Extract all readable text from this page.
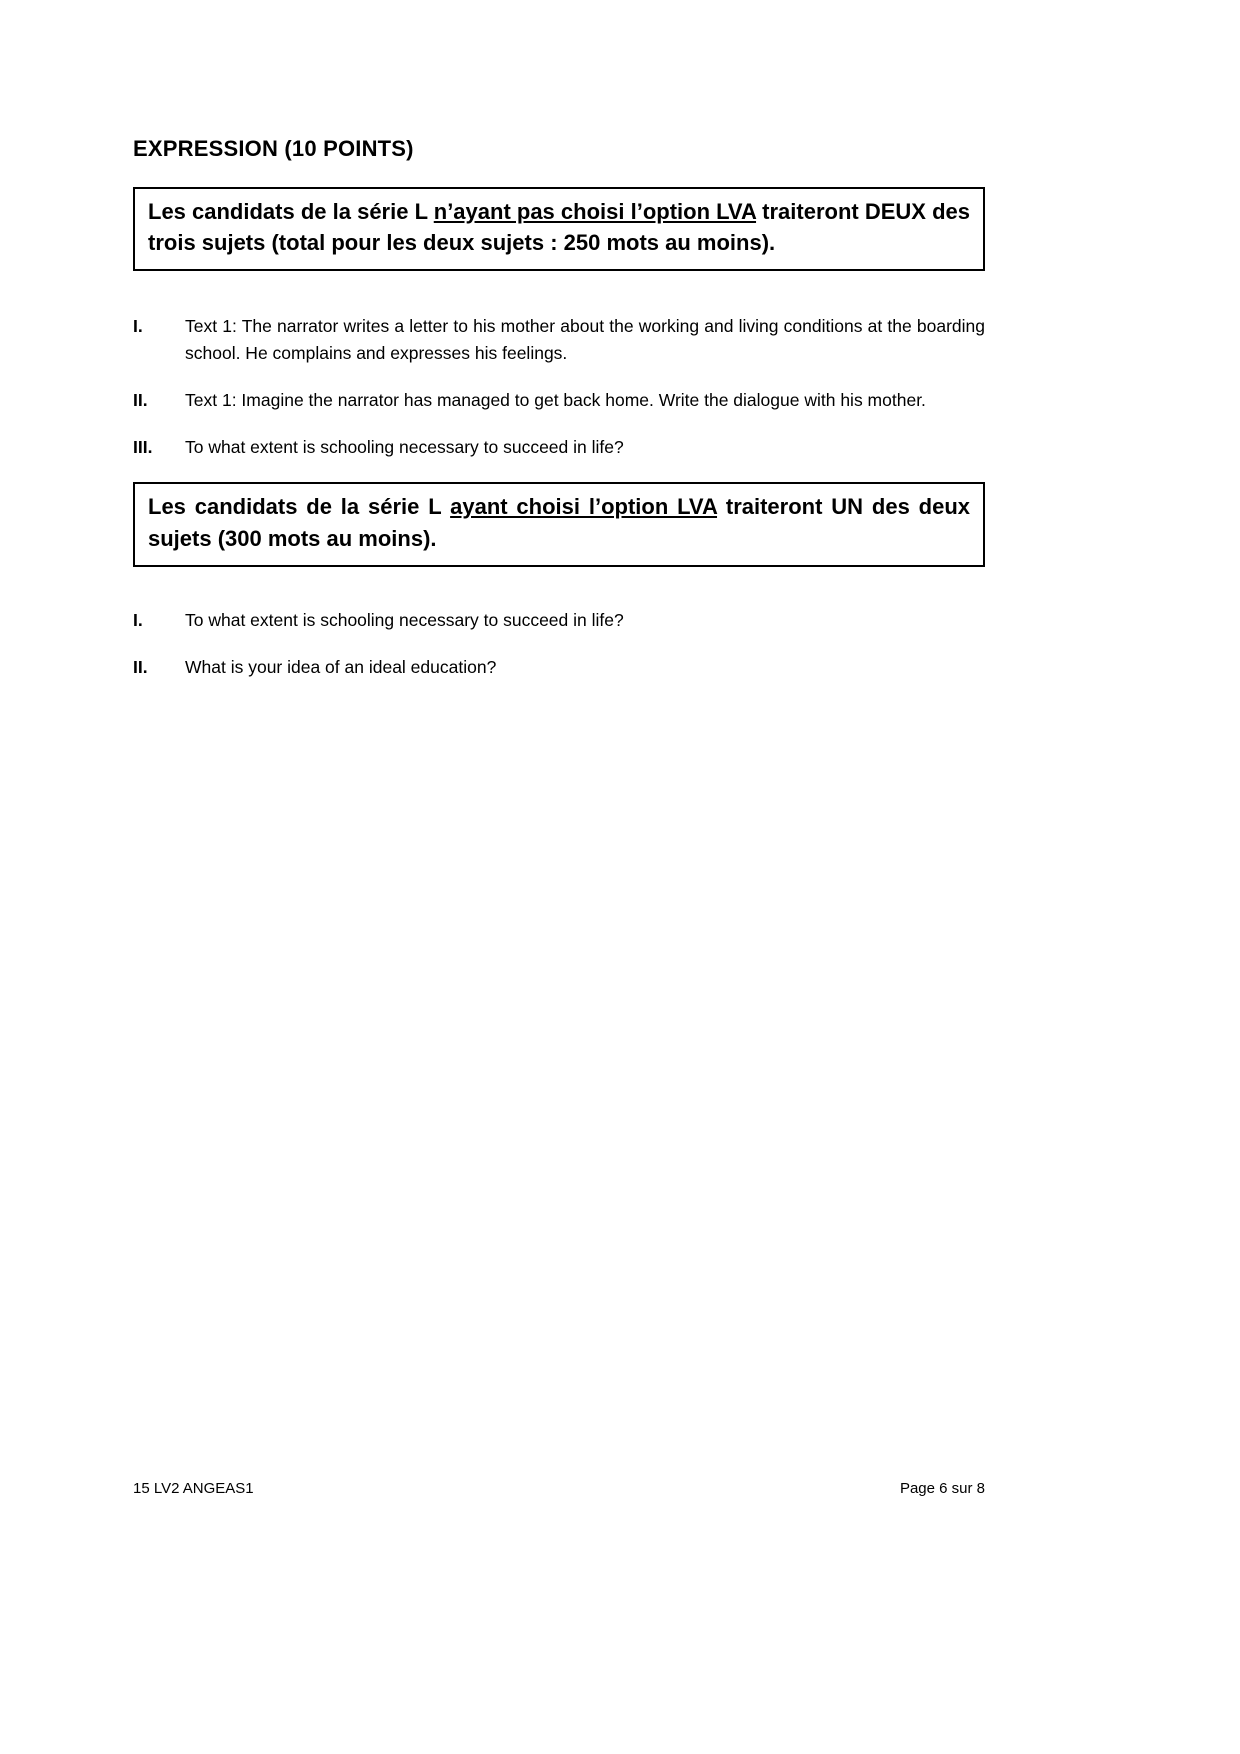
EXPRESSION (10 POINTS)
Les candidats de la série L n’ayant pas choisi l’option LVA traiteront DEUX des trois sujets (total pour les deux sujets : 250 mots au moins).
I.	Text 1: The narrator writes a letter to his mother about the working and living conditions at the boarding school. He complains and expresses his feelings.
II.	Text 1: Imagine the narrator has managed to get back home. Write the dialogue with his mother.
III.	To what extent is schooling necessary to succeed in life?
Les candidats de la série L ayant choisi l’option LVA traiteront UN des deux sujets (300 mots au moins).
I.	To what extent is schooling necessary to succeed in life?
II.	What is your idea of an ideal education?
15 LV2 ANGEAS1	Page 6 sur 8
